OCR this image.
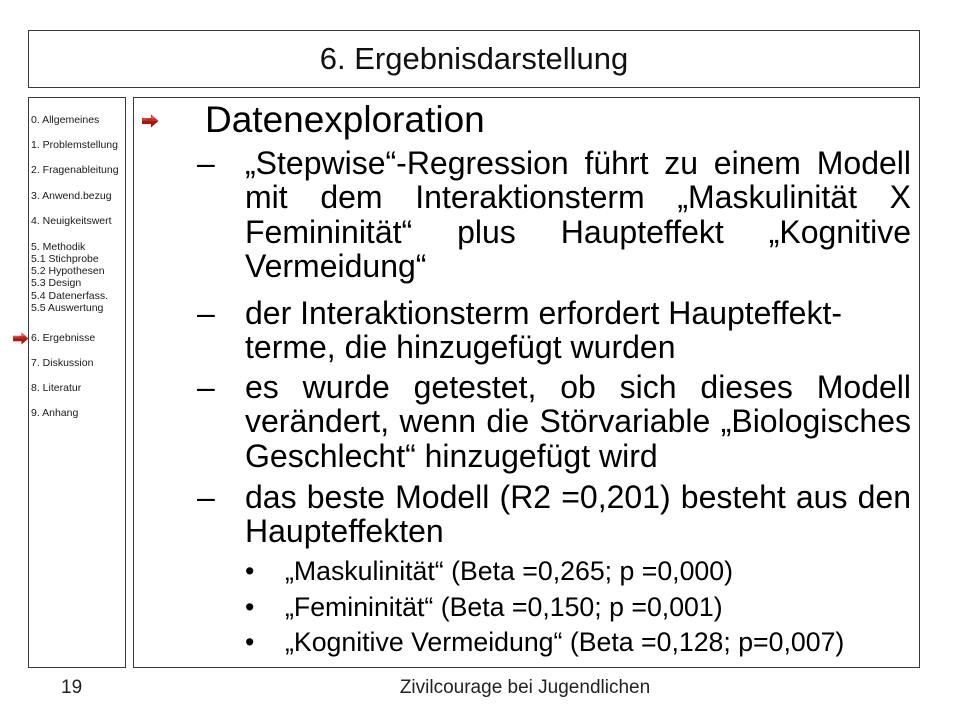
6. Ergebnisdarstellung
0. Allgemeines
1. Problemstellung
2. Fragenableitung
3. Anwend.bezug
4. Neuigkeitswert
5. Methodik
5.1 Stichprobe
5.2 Hypothesen
5.3 Design
5.4 Datenerfass.
5.5 Auswertung
6. Ergebnisse
7. Diskussion
8. Literatur
9. Anhang
Datenexploration
– „Stepwise“-Regression führt zu einem Modell
mit dem Interaktionsterm „Maskulinität X
Femininität“ plus Haupteffekt „Kognitive
Vermeidung“
– der Interaktionsterm erfordert Haupteffekt-
terme, die hinzugefügt wurden
– es wurde getestet, ob sich dieses Modell
verändert, wenn die Störvariable „Biologisches
Geschlecht“ hinzugefügt wird
– das beste Modell (R2 =0,201) besteht aus den
Haupteffekten
• „Maskulinität“ (Beta =0,265; p =0,000)
• „Femininität“ (Beta =0,150; p =0,001)
• „Kognitive Vermeidung“ (Beta =0,128; p=0,007)
19	Zivilcourage bei Jugendlichen
